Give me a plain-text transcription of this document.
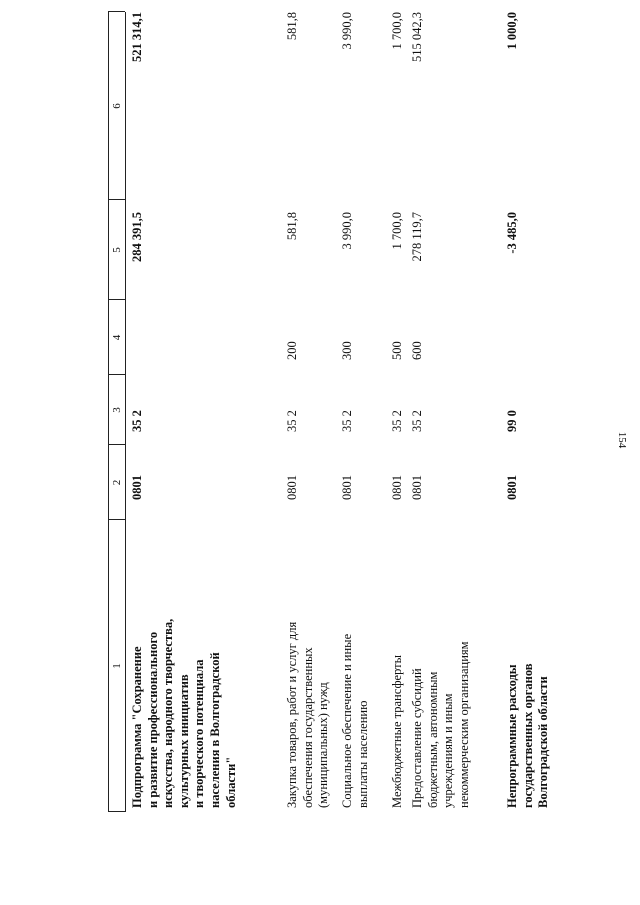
154
1
2
3
4
5
6
Подпрограмма "Сохранение и развитие профессионального искусства, народного творчества, культурных инициатив и творческого потенциала населения в Волгоградской области"
0801
35 2
284 391,5
521 314,1
Закупка товаров, работ и услуг для обеспечения государственных (муниципальных) нужд
0801
35 2
200
581,8
581,8
Социальное обеспечение и иные выплаты населению
0801
35 2
300
3 990,0
3 990,0
Межбюджетные трансферты
0801
35 2
500
1 700,0
1 700,0
Предоставление субсидий бюджетным, автономным учреждениям и иным некоммерческим организациям
0801
35 2
600
278 119,7
515 042,3
Непрограммные расходы государственных органов Волгоградской области
0801
99 0
-3 485,0
1 000,0
